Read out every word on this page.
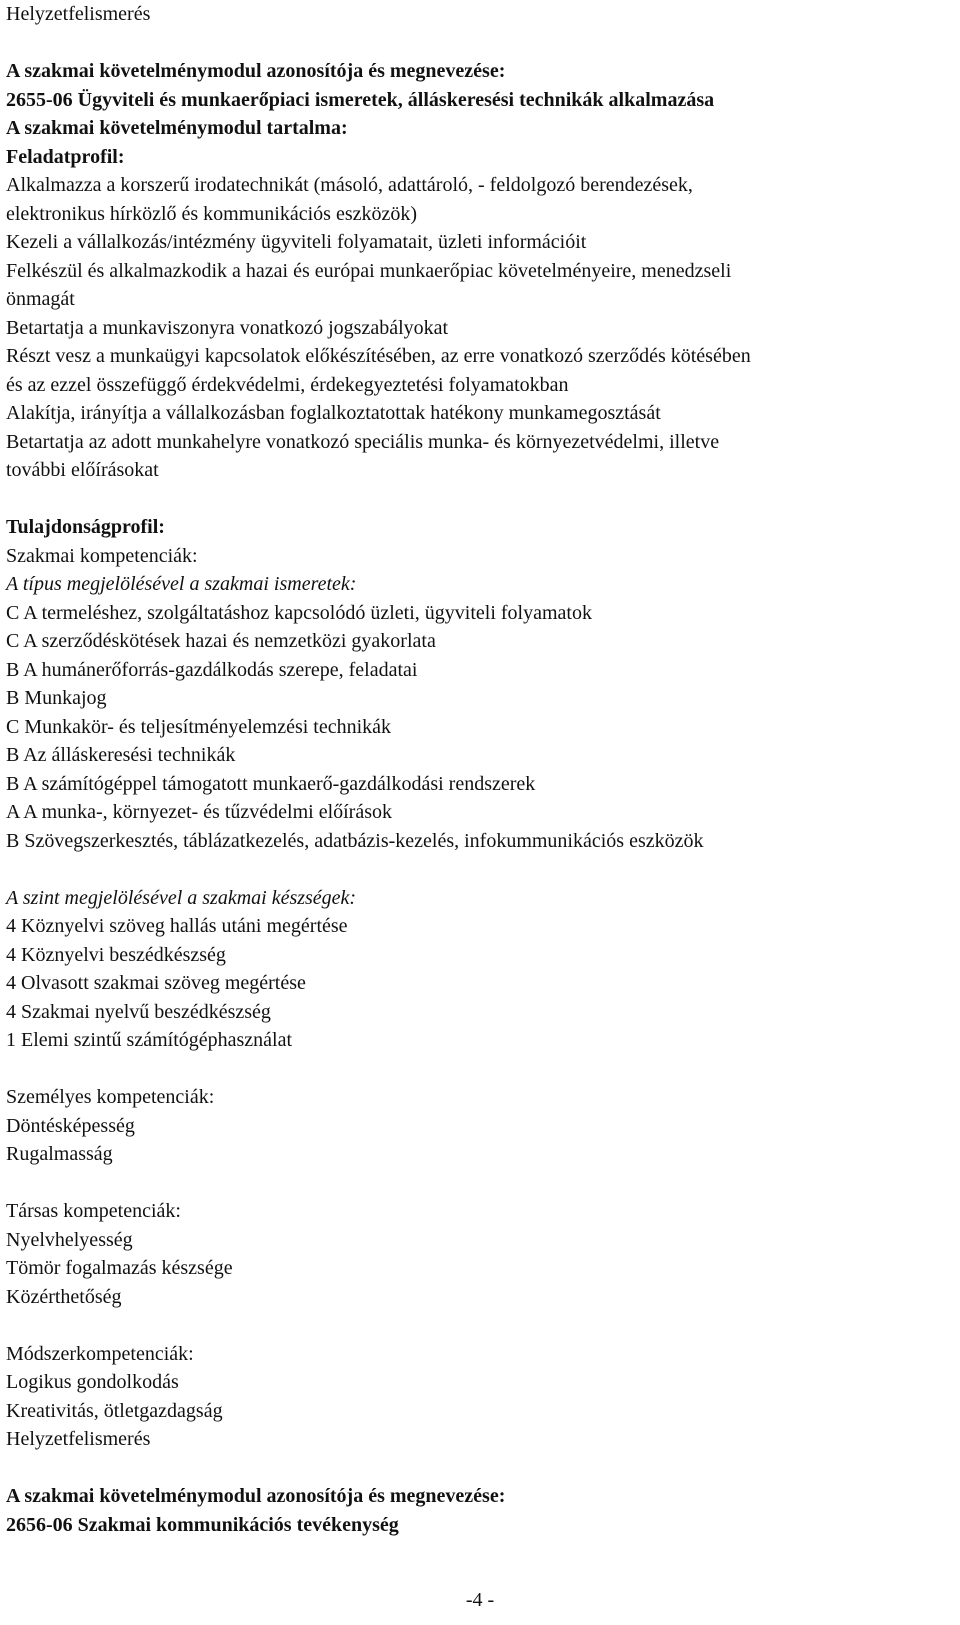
Helyzetfelismerés
A szakmai követelménymodul azonosítója és megnevezése:
2655-06 Ügyviteli és munkaerőpiaci ismeretek, álláskeresési technikák alkalmazása
A szakmai követelménymodul tartalma:
Feladatprofil:
Alkalmazza a korszerű irodatechnikát (másoló, adattároló, - feldolgozó berendezések,
elektronikus hírközlő és kommunikációs eszközök)
Kezeli a vállalkozás/intézmény ügyviteli folyamatait, üzleti információit
Felkészül és alkalmazkodik a hazai és európai munkaerőpiac követelményeire, menedzseli
önmagát
Betartatja a munkaviszonyra vonatkozó jogszabályokat
Részt vesz a munkaügyi kapcsolatok előkészítésében, az erre vonatkozó szerződés kötésében
és az ezzel összefüggő érdekvédelmi, érdekegyeztetési folyamatokban
Alakítja, irányítja a vállalkozásban foglalkoztatottak hatékony munkamegosztását
Betartatja az adott munkahelyre vonatkozó speciális munka- és környezetvédelmi, illetve
további előírásokat
Tulajdonságprofil:
Szakmai kompetenciák:
A típus megjelölésével a szakmai ismeretek:
C A termeléshez, szolgáltatáshoz kapcsolódó üzleti, ügyviteli folyamatok
C A szerződéskötések hazai és nemzetközi gyakorlata
B A humánerőforrás-gazdálkodás szerepe, feladatai
B Munkajog
C Munkakör- és teljesítményelemzési technikák
B Az álláskeresési technikák
B A számítógéppel támogatott munkaerő-gazdálkodási rendszerek
A A munka-, környezet- és tűzvédelmi előírások
B Szövegszerkesztés, táblázatkezelés, adatbázis-kezelés, infokummunikációs eszközök
A szint megjelölésével a szakmai készségek:
4 Köznyelvi szöveg hallás utáni megértése
4 Köznyelvi beszédkészség
4 Olvasott szakmai szöveg megértése
4 Szakmai nyelvű beszédkészség
1 Elemi szintű számítógéphasználat
Személyes kompetenciák:
Döntésképesség
Rugalmasság
Társas kompetenciák:
Nyelvhelyesség
Tömör fogalmazás készsége
Közérthetőség
Módszerkompetenciák:
Logikus gondolkodás
Kreativitás, ötletgazdagság
Helyzetfelismerés
A szakmai követelménymodul azonosítója és megnevezése:
2656-06 Szakmai kommunikációs tevékenység
-4 -
